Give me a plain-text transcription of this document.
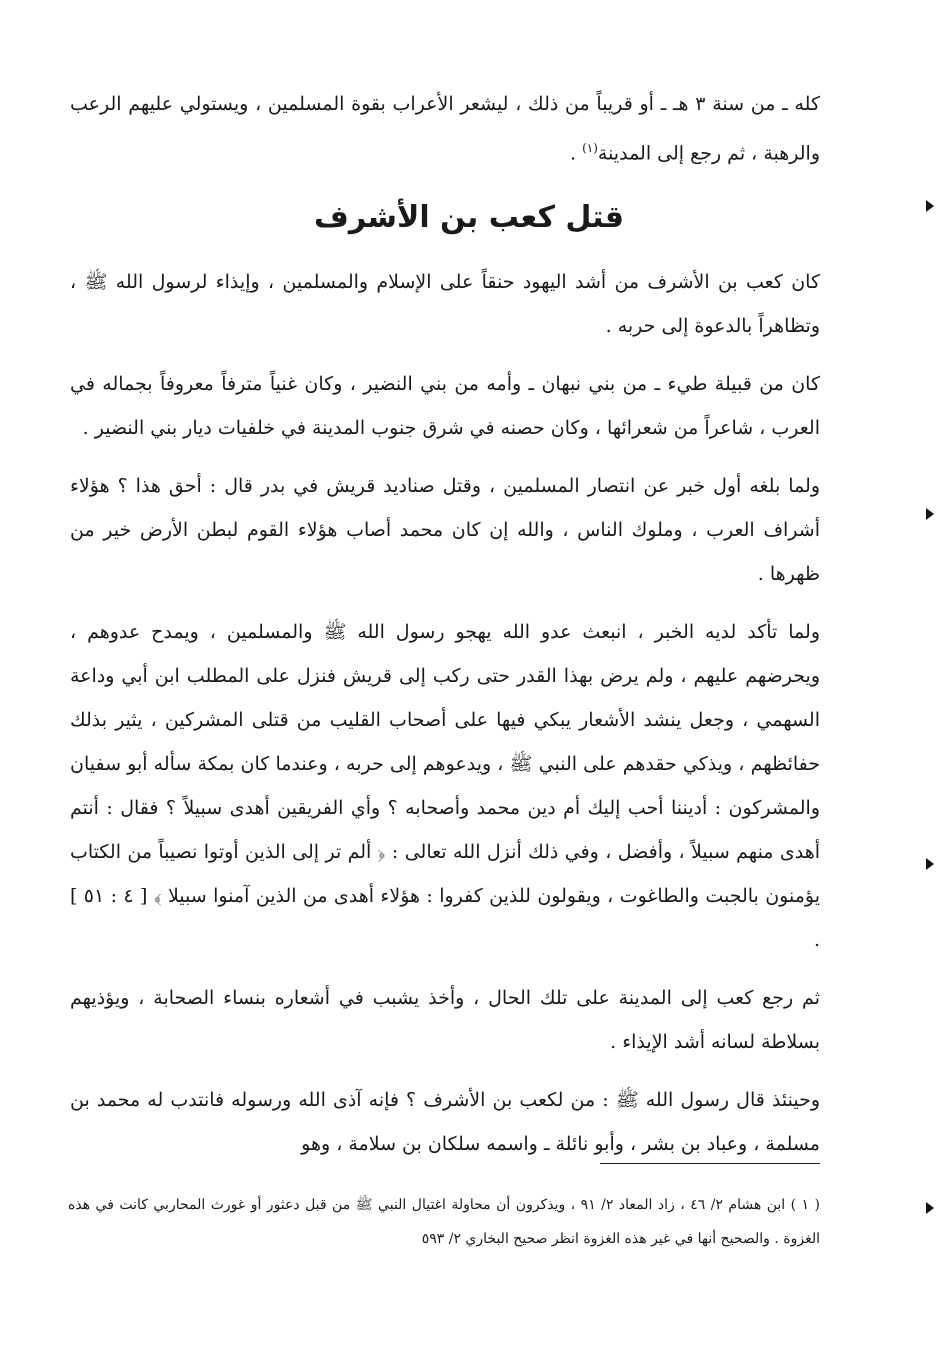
كله ـ من سنة ٣ هـ ـ أو قريباً من ذلك ، ليشعر الأعراب بقوة المسلمين ، ويستولي عليهم الرعب والرهبة ، ثم رجع إلى المدينة$^{(١)}$ .

قتل كعب بن الأشرف

كان كعب بن الأشرف من أشد اليهود حنقاً على الإسلام والمسلمين ، وإيذاء لرسول الله ﷺ ، وتظاهراً بالدعوة إلى حربه .

كان من قبيلة طيء ـ من بني نبهان ـ وأمه من بني النضير ، وكان غنياً مترفاً معروفاً بجماله في العرب ، شاعراً من شعرائها ، وكان حصنه في شرق جنوب المدينة في خلفيات ديار بني النضير .

ولما بلغه أول خبر عن انتصار المسلمين ، وقتل صناديد قريش في بدر قال : أحق هذا ؟ هؤلاء أشراف العرب ، وملوك الناس ، والله إن كان محمد أصاب هؤلاء القوم لبطن الأرض خير من ظهرها .

ولما تأكد لديه الخبر ، انبعث عدو الله يهجو رسول الله ﷺ والمسلمين ، ويمدح عدوهم ، ويحرضهم عليهم ، ولم يرض بهذا القدر حتى ركب إلى قريش فنزل على المطلب ابن أبي وداعة السهمي ، وجعل ينشد الأشعار يبكي فيها على أصحاب القليب من قتلى المشركين ، يثير بذلك حفائظهم ، ويذكي حقدهم على النبي ﷺ ، ويدعوهم إلى حربه ، وعندما كان بمكة سأله أبو سفيان والمشركون : أديننا أحب إليك أم دين محمد وأصحابه ؟ وأي الفريقين أهدى سبيلاً ؟ فقال : أنتم أهدى منهم سبيلاً ، وأفضل ، وفي ذلك أنزل الله تعالى : ﴿ ألم تر إلى الذين أوتوا نصيباً من الكتاب يؤمنون بالجبت والطاغوت ، ويقولون للذين كفروا : هؤلاء أهدى من الذين آمنوا سبيلا ﴾ [ ٤ : ٥١ ] .

ثم رجع كعب إلى المدينة على تلك الحال ، وأخذ يشبب في أشعاره بنساء الصحابة ، ويؤذيهم بسلاطة لسانه أشد الإيذاء .

وحينئذ قال رسول الله ﷺ : من لكعب بن الأشرف ؟ فإنه آذى الله ورسوله فانتدب له محمد بن مسلمة ، وعباد بن بشر ، وأبو نائلة ـ واسمه سلكان بن سلامة ، وهو

( ١ ) ابن هشام ٢/ ٤٦ ، زاد المعاد ٢/ ٩١ ، ويذكرون أن محاولة اغتيال النبي ﷺ من قبل دعثور أو غورث المحاربي كانت في هذه الغزوة . والصحيح أنها في غير هذه الغزوة انظر صحيح البخاري ٢/ ٥٩٣
